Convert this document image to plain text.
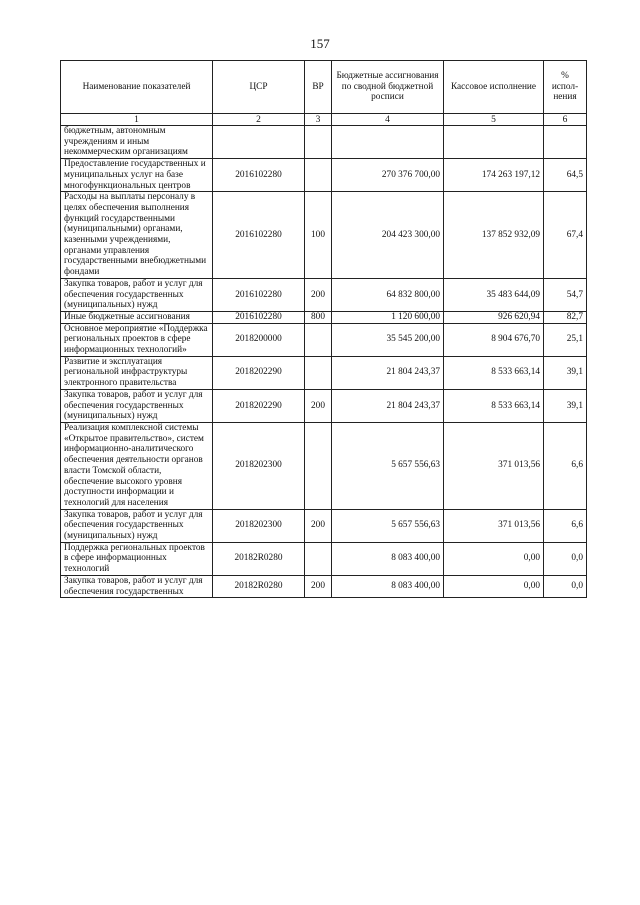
157
Наименование показателей	ЦСР	ВР	Бюджетные ассигнования по сводной бюджетной росписи	Кассовое исполнение	% испол-нения
1	2	3	4	5	6
бюджетным, автономным учреждениям и иным некоммерческим организациям					
Предоставление государственных и муниципальных услуг на базе многофункциональных центров	2016102280		270 376 700,00	174 263 197,12	64,5
Расходы на выплаты персоналу в целях обеспечения выполнения функций государственными (муниципальными) органами, казенными учреждениями, органами управления государственными внебюджетными фондами	2016102280	100	204 423 300,00	137 852 932,09	67,4
Закупка товаров, работ и услуг для обеспечения государственных (муниципальных) нужд	2016102280	200	64 832 800,00	35 483 644,09	54,7
Иные бюджетные ассигнования	2016102280	800	1 120 600,00	926 620,94	82,7
Основное мероприятие «Поддержка региональных проектов в сфере информационных технологий»	2018200000		35 545 200,00	8 904 676,70	25,1
Развитие и эксплуатация региональной инфраструктуры электронного правительства	2018202290		21 804 243,37	8 533 663,14	39,1
Закупка товаров, работ и услуг для обеспечения государственных (муниципальных) нужд	2018202290	200	21 804 243,37	8 533 663,14	39,1
Реализация комплексной системы «Открытое правительство», систем информационно-аналитического обеспечения деятельности органов власти Томской области, обеспечение высокого уровня доступности информации и технологий для населения	2018202300		5 657 556,63	371 013,56	6,6
Закупка товаров, работ и услуг для обеспечения государственных (муниципальных) нужд	2018202300	200	5 657 556,63	371 013,56	6,6
Поддержка региональных проектов в сфере информационных технологий	20182R0280		8 083 400,00	0,00	0,0
Закупка товаров, работ и услуг для обеспечения государственных	20182R0280	200	8 083 400,00	0,00	0,0
